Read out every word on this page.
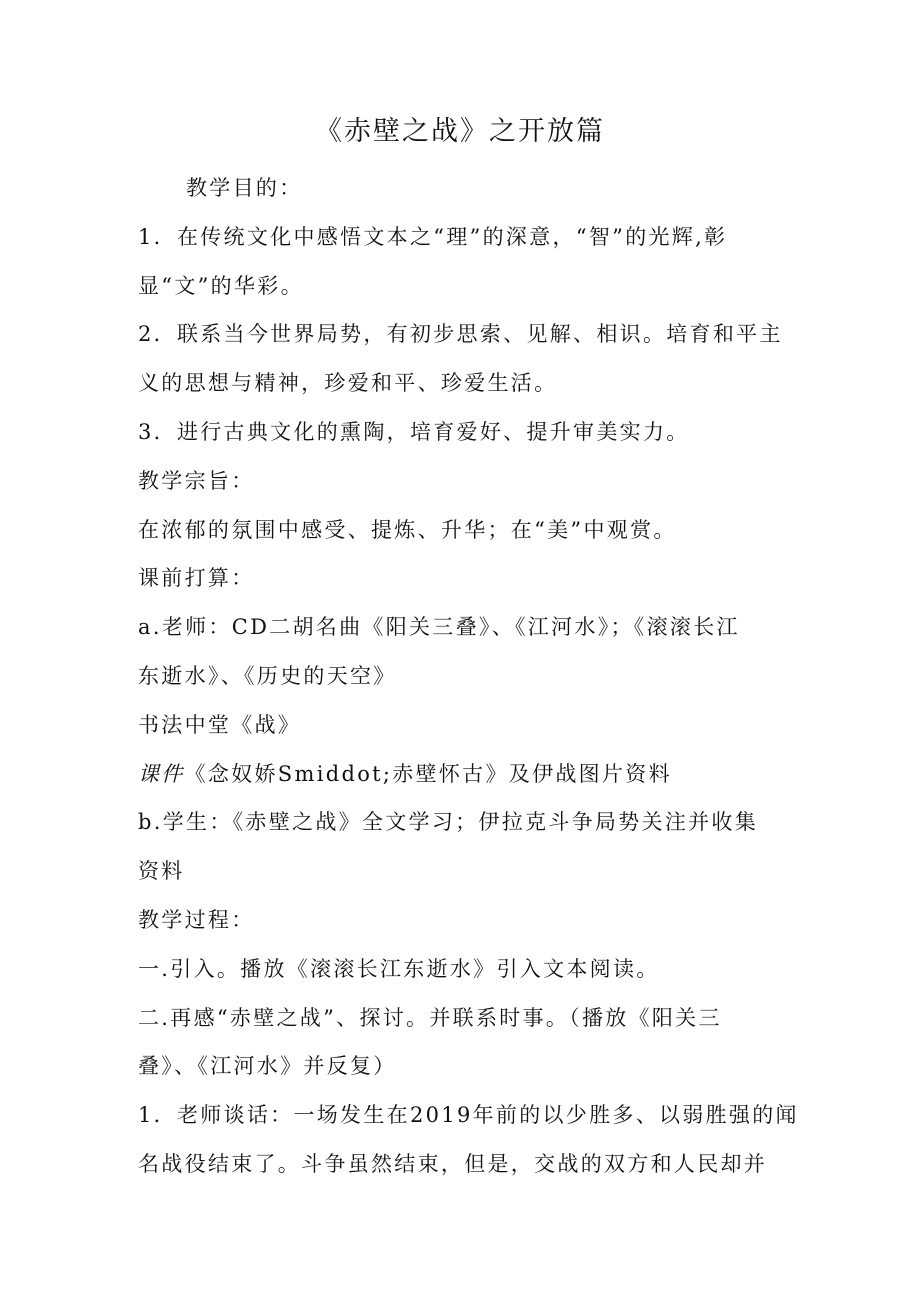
《赤壁之战》之开放篇
教学目的：
1．在传统文化中感悟文本之“理”的深意，“智”的光辉,彰
显“文”的华彩。
2．联系当今世界局势，有初步思索、见解、相识。培育和平主
义的思想与精神，珍爱和平、珍爱生活。
3．进行古典文化的熏陶，培育爱好、提升审美实力。
教学宗旨：
在浓郁的氛围中感受、提炼、升华；在“美”中观赏。
课前打算：
a.老师：CD二胡名曲《阳关三叠》、《江河水》；《滚滚长江
东逝水》、《历史的天空》
书法中堂《战》
课件《念奴娇Smiddot;赤壁怀古》及伊战图片资料
b.学生：《赤壁之战》全文学习；伊拉克斗争局势关注并收集
资料
教学过程：
一.引入。播放《滚滚长江东逝水》引入文本阅读。
二.再感“赤壁之战”、探讨。并联系时事。（播放《阳关三
叠》、《江河水》并反复）
1．老师谈话：一场发生在2019年前的以少胜多、以弱胜强的闻
名战役结束了。斗争虽然结束，但是，交战的双方和人民却并
